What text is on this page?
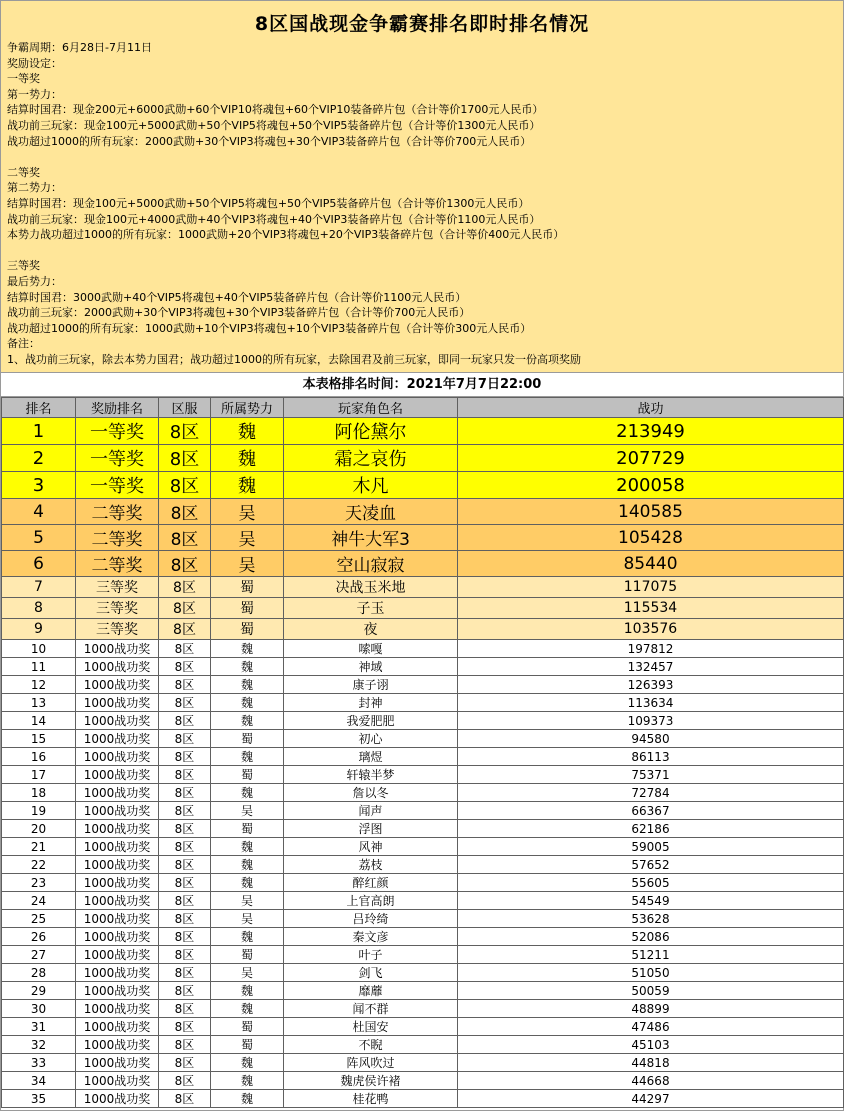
8区国战现金争霸赛排名即时排名情况
争霸周期：6月28日-7月11日
奖励设定：
一等奖
第一势力：
结算时国君：现金200元+6000武勋+60个VIP10将魂包+60个VIP10装备碎片包（合计等价1700元人民币）
战功前三玩家：现金100元+5000武勋+50个VIP5将魂包+50个VIP5装备碎片包（合计等价1300元人民币）
战功超过1000的所有玩家：2000武勋+30个VIP3将魂包+30个VIP3装备碎片包（合计等价700元人民币）
二等奖
第二势力：
结算时国君：现金100元+5000武勋+50个VIP5将魂包+50个VIP5装备碎片包（合计等价1300元人民币）
战功前三玩家：现金100元+4000武勋+40个VIP3将魂包+40个VIP3装备碎片包（合计等价1100元人民币）
本势力战功超过1000的所有玩家：1000武勋+20个VIP3将魂包+20个VIP3装备碎片包（合计等价400元人民币）
三等奖
最后势力：
结算时国君：3000武勋+40个VIP5将魂包+40个VIP5装备碎片包（合计等价1100元人民币）
战功前三玩家：2000武勋+30个VIP3将魂包+30个VIP3装备碎片包（合计等价700元人民币）
战功超过1000的所有玩家：1000武勋+10个VIP3将魂包+10个VIP3装备碎片包（合计等价300元人民币）
备注：
1、战功前三玩家，除去本势力国君；战功超过1000的所有玩家，去除国君及前三玩家，即同一玩家只发一份高项奖励
本表格排名时间：2021年7月7日22:00
排名	奖励排名	区服	所属势力	玩家角色名	战功
1	一等奖	8区	魏	阿伦黛尔	213949
2	一等奖	8区	魏	霜之哀伤	207729
3	一等奖	8区	魏	木凡	200058
4	二等奖	8区	吴	天凌血	140585
5	二等奖	8区	吴	神牛大军3	105428
6	二等奖	8区	吴	空山寂寂	85440
7	三等奖	8区	蜀	决战玉米地	117075
8	三等奖	8区	蜀	子玉	115534
9	三等奖	8区	蜀	夜	103576
10	1000战功奖	8区	魏	嗦嘎	197812
11	1000战功奖	8区	魏	神域	132457
12	1000战功奖	8区	魏	康子诩	126393
13	1000战功奖	8区	魏	封神	113634
14	1000战功奖	8区	魏	我爱肥肥	109373
15	1000战功奖	8区	蜀	初心	94580
16	1000战功奖	8区	魏	璃煜	86113
17	1000战功奖	8区	蜀	轩辕半梦	75371
18	1000战功奖	8区	魏	詹以冬	72784
19	1000战功奖	8区	吴	闻声	66367
20	1000战功奖	8区	蜀	浮图	62186
21	1000战功奖	8区	魏	风神	59005
22	1000战功奖	8区	魏	荔枝	57652
23	1000战功奖	8区	魏	醉红颜	55605
24	1000战功奖	8区	吴	上官高朗	54549
25	1000战功奖	8区	吴	吕玲绮	53628
26	1000战功奖	8区	魏	秦文彦	52086
27	1000战功奖	8区	蜀	叶子	51211
28	1000战功奖	8区	吴	剑飞	51050
29	1000战功奖	8区	魏	靡蘼	50059
30	1000战功奖	8区	魏	闻不群	48899
31	1000战功奖	8区	蜀	杜国安	47486
32	1000战功奖	8区	蜀	不睨	45103
33	1000战功奖	8区	魏	阵风吹过	44818
34	1000战功奖	8区	魏	魏虎侯许褚	44668
35	1000战功奖	8区	魏	桂花鸭	44297
